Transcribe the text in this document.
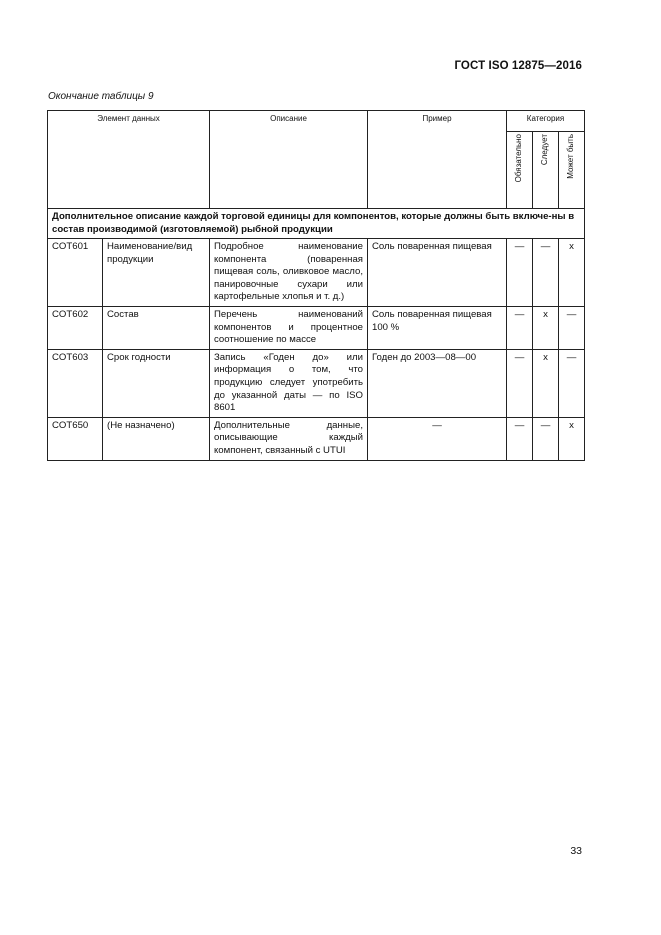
ГОСТ ISO 12875—2016
Окончание таблицы 9
Элемент данных		Описание	Пример	Категория		
				Обязательно	Следует	Может быть
Дополнительное описание каждой торговой единицы для компонентов, которые должны быть включе-ны в состав производимой (изготовляемой) рыбной продукции						
COT601	Наименование/вид продукции	Подробное наименование компонента (поваренная пищевая соль, оливковое масло, панировочные сухари или картофельные хлопья и т. д.)	Соль поваренная пищевая	—	—	x
COT602	Состав	Перечень наименований компонентов и процентное соотношение по массе	Соль поваренная пищевая 100 %	—	x	—
COT603	Срок годности	Запись «Годен до» или информация о том, что продукцию следует употребить до указанной даты — по ISO 8601	Годен до 2003—08—00	—	x	—
COT650	(Не назначено)	Дополнительные данные, описывающие каждый компонент, связанный с UTUI	—	—	—	x
33
